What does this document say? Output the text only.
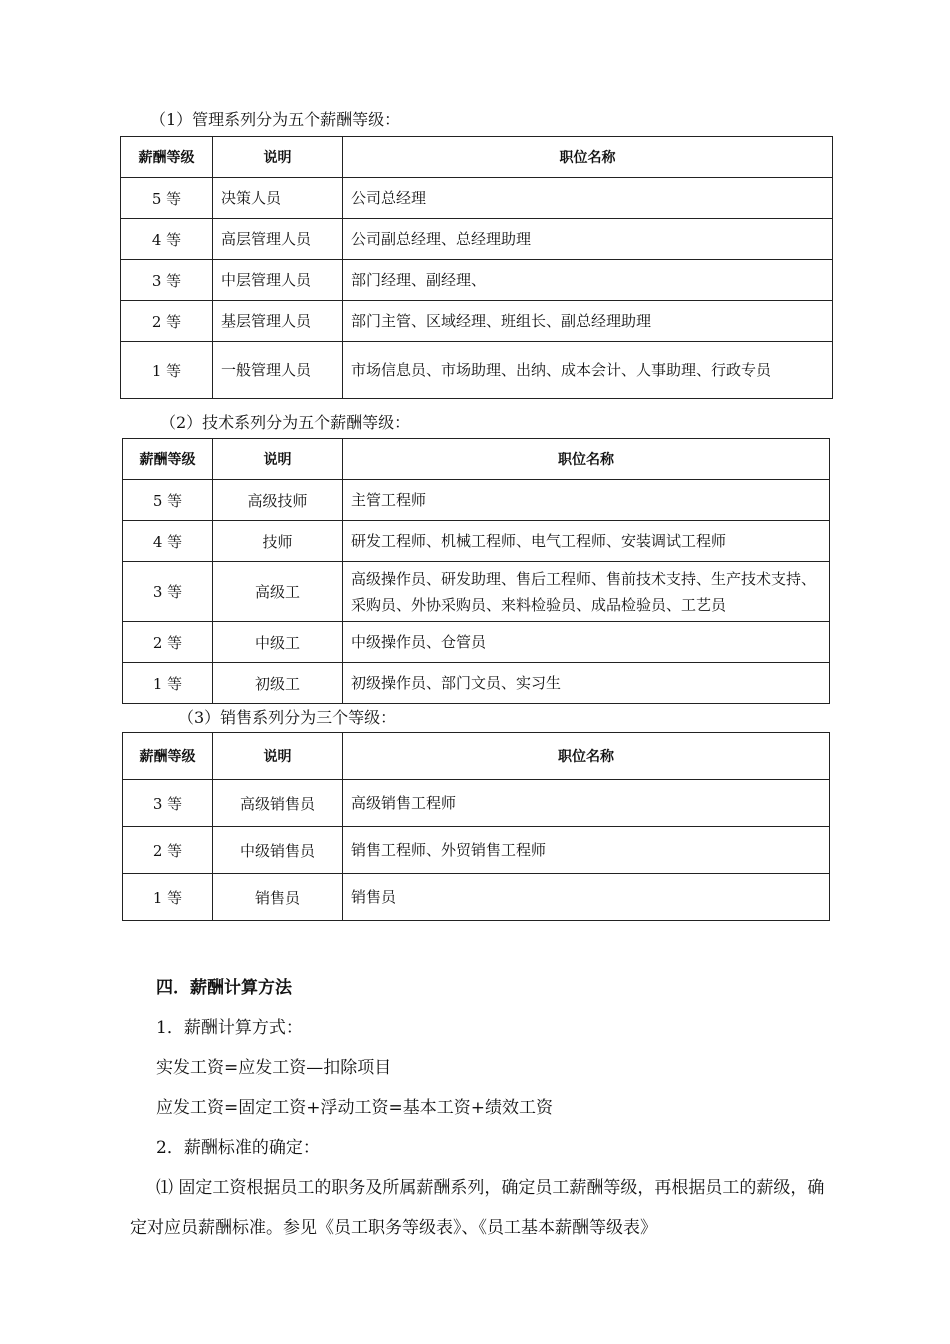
（1）管理系列分为五个薪酬等级：
薪酬等级	说明	职位名称
5 等	决策人员	公司总经理
4 等	高层管理人员	公司副总经理、总经理助理
3 等	中层管理人员	部门经理、副经理、
2 等	基层管理人员	部门主管、区域经理、班组长、副总经理助理
1 等	一般管理人员	市场信息员、市场助理、出纳、成本会计、人事助理、行政专员
（2）技术系列分为五个薪酬等级：
薪酬等级	说明	职位名称
5 等	高级技师	主管工程师
4 等	技师	研发工程师、机械工程师、电气工程师、安装调试工程师
3 等	高级工	高级操作员、研发助理、售后工程师、售前技术支持、生产技术支持、采购员、外协采购员、来料检验员、成品检验员、工艺员
2 等	中级工	中级操作员、仓管员
1 等	初级工	初级操作员、部门文员、实习生
（3）销售系列分为三个等级：
薪酬等级	说明	职位名称
3 等	高级销售员	高级销售工程师
2 等	中级销售员	销售工程师、外贸销售工程师
1 等	销售员	销售员
四．薪酬计算方法
1．薪酬计算方式：
实发工资=应发工资—扣除项目
应发工资=固定工资+浮动工资=基本工资+绩效工资
2．薪酬标准的确定：
⑴ 固定工资根据员工的职务及所属薪酬系列，确定员工薪酬等级，再根据员工的薪级，确定对应员薪酬标准。参见《员工职务等级表》、《员工基本薪酬等级表》
